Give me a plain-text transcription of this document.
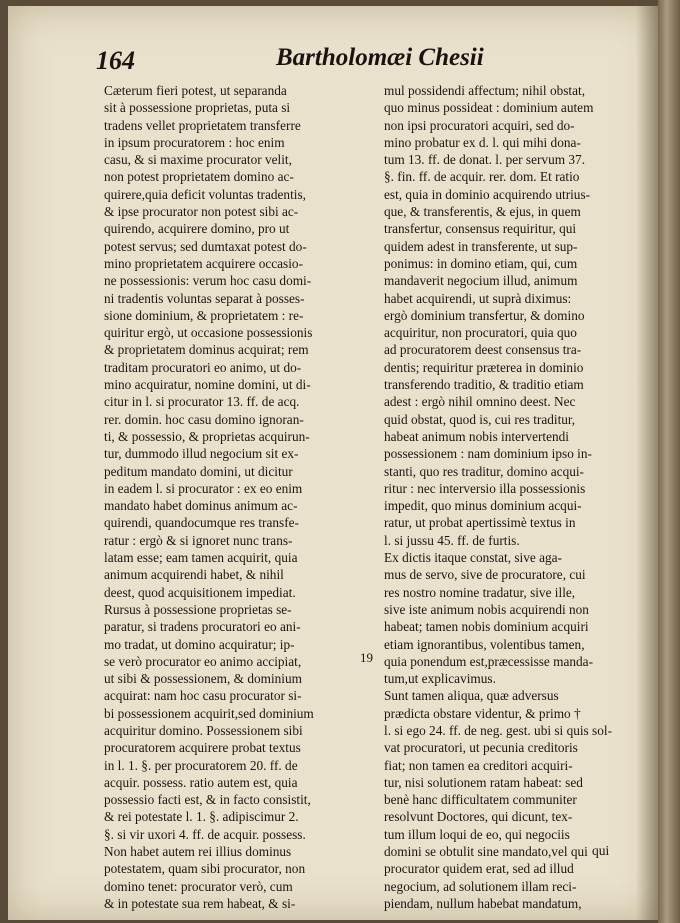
164	Bartholomæi Chesii
Cæterum fieri potest, ut separanda
sit à possessione proprietas, puta si
tradens vellet proprietatem transferre
in ipsum procuratorem : hoc enim
casu, & si maxime procurator velit,
non potest proprietatem domino ac-
quirere,quia deficit voluntas tradentis,
& ipse procurator non potest sibi ac-
quirendo, acquirere domino, pro ut
potest servus; sed dumtaxat potest do-
mino proprietatem acquirere occasio-
ne possessionis: verum hoc casu domi-
ni tradentis voluntas separat à posses-
sione dominium, & proprietatem : re-
quiritur ergò, ut occasione possessionis
& proprietatem dominus acquirat; rem
traditam procuratori eo animo, ut do-
mino acquiratur, nomine domini, ut di-
citur in l. si procurator 13. ff. de acq.
rer. domin. hoc casu domino ignoran-
ti, & possessio, & proprietas acquirun-
tur, dummodo illud negocium sit ex-
peditum mandato domini, ut dicitur
in eadem l. si procurator : ex eo enim
mandato habet dominus animum ac-
quirendi, quandocumque res transfe-
ratur : ergò & si ignoret nunc trans-
latam esse; eam tamen acquirit, quia
animum acquirendi habet, & nihil
deest, quod acquisitionem impediat.
Rursus à possessione proprietas se-
paratur, si tradens procuratori eo ani-
mo tradat, ut domino acquiratur; ip-
se verò procurator eo animo accipiat,
ut sibi & possessionem, & dominium
acquirat: nam hoc casu procurator si-
bi possessionem acquirit,sed dominium
acquiritur domino. Possessionem sibi
procuratorem acquirere probat textus
in l. 1. §. per procuratorem 20. ff. de
acquir. possess. ratio autem est, quia
possessio facti est, & in facto consistit,
& rei potestate l. 1. §. adipiscimur 2.
§. si vir uxori 4. ff. de acquir. possess.
Non habet autem rei illius dominus
potestatem, quam sibi procurator, non
domino tenet: procurator verò, cum
& in potestate sua rem habeat, & si-
mul possidendi affectum; nihil obstat,
quo minus possideat : dominium autem
non ipsi procuratori acquiri, sed do-
mino probatur ex d. l. qui mihi dona-
tum 13. ff. de donat. l. per servum 37.
§. fin. ff. de acquir. rer. dom. Et ratio
est, quia in dominio acquirendo utrius-
que, & transferentis, & ejus, in quem
transfertur, consensus requiritur, qui
quidem adest in transferente, ut sup-
ponimus: in domino etiam, qui, cum
mandaverit negocium illud, animum
habet acquirendi, ut suprà diximus:
ergò dominium transfertur, & domino
acquiritur, non procuratori, quia quo
ad procuratorem deest consensus tra-
dentis; requiritur præterea in dominio
transferendo traditio, & traditio etiam
adest : ergò nihil omnino deest. Nec
quid obstat, quod is, cui res traditur,
habeat animum nobis intervertendi
possessionem : nam dominium ipso in-
stanti, quo res traditur, domino acqui-
ritur : nec interversio illa possessionis
impedit, quo minus dominium acqui-
ratur, ut probat apertissimè textus in
l. si jussu 45. ff. de furtis.
Ex dictis itaque constat, sive aga-
mus de servo, sive de procuratore, cui
res nostro nomine tradatur, sive ille,
sive iste animum nobis acquirendi non
habeat; tamen nobis dominium acquiri
etiam ignorantibus, volentibus tamen,
quia ponendum est,præcessisse manda-
tum,ut explicavimus.
Sunt tamen aliqua, quæ adversus
prædicta obstare videntur, & primo †
l. si ego 24. ff. de neg. gest. ubi si quis sol-
vat procuratori, ut pecunia creditoris
fiat; non tamen ea creditori acquiri-
tur, nisi solutionem ratam habeat: sed
benè hanc difficultatem communiter
resolvunt Doctores, qui dicunt, tex-
tum illum loqui de eo, qui negociis
domini se obtulit sine mandato,vel qui
procurator quidem erat, sed ad illud
negocium, ad solutionem illam reci-
piendam, nullum habebat mandatum,
19
qui
